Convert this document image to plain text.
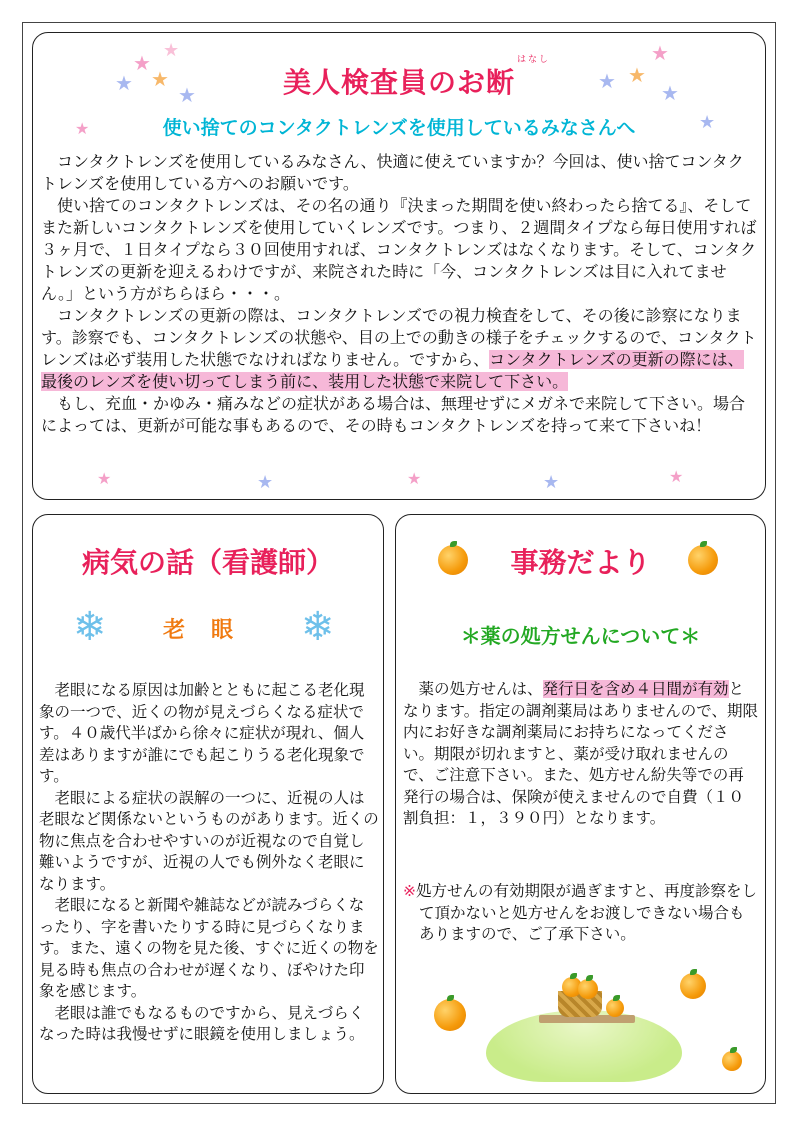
★
★
★ ★
★
★
★
★
★ ★
★
★	★	★	★	★
はなし
美人検査員のお断
使い捨てのコンタクトレンズを使用しているみなさんへ

コンタクトレンズを使用しているみなさん、快適に使えていますか？今回は、使い捨てコンタクトレンズを使用している方へのお願いです。

使い捨てのコンタクトレンズは、その名の通り『決まった期間を使い終わったら捨てる』、そしてまた新しいコンタクトレンズを使用していくレンズです。つまり、２週間タイプなら毎日使用すれば３ヶ月で、１日タイプなら３０回使用すれば、コンタクトレンズはなくなります。そして、コンタクトレンズの更新を迎えるわけですが、来院された時に「今、コンタクトレンズは目に入れてません。」という方がちらほら・・・。

コンタクトレンズの更新の際は、コンタクトレンズでの視力検査をして、その後に診察になります。診察でも、コンタクトレンズの状態や、目の上での動きの様子をチェックするので、コンタクトレンズは必ず装用した状態でなければなりません。ですから、コンタクトレンズの更新の際には、最後のレンズを使い切ってしまう前に、装用した状態で来院して下さい。

もし、充血・かゆみ・痛みなどの症状がある場合は、無理せずにメガネで来院して下さい。場合によっては、更新が可能な事もあるので、その時もコンタクトレンズを持って来て下さいね！

病気の話（看護師）
❄	❄
老眼

老眼になる原因は加齢とともに起こる老化現象の一つで、近くの物が見えづらくなる症状です。４０歳代半ばから徐々に症状が現れ、個人差はありますが誰にでも起こりうる老化現象です。

老眼による症状の誤解の一つに、近視の人は老眼など関係ないというものがあります。近くの物に焦点を合わせやすいのが近視なので自覚し難いようですが、近視の人でも例外なく老眼になります。

老眼になると新聞や雑誌などが読みづらくなったり、字を書いたりする時に見づらくなります。また、遠くの物を見た後、すぐに近くの物を見る時も焦点の合わせが遅くなり、ぼやけた印象を感じます。

老眼は誰でもなるものですから、見えづらくなった時は我慢せずに眼鏡を使用しましょう。

事務だより
＊薬の処方せんについて＊

薬の処方せんは、発行日を含め４日間が有効となります。指定の調剤薬局はありませんので、期限内にお好きな調剤薬局にお持ちになってください。期限が切れますと、薬が受け取れませんので、ご注意下さい。また、処方せん紛失等での再発行の場合は、保険が使えませんので自費（１０割負担：１，３９０円）となります。

※処方せんの有効期限が過ぎますと、再度診察をして頂かないと処方せんをお渡しできない場合もありますので、ご了承下さい。
